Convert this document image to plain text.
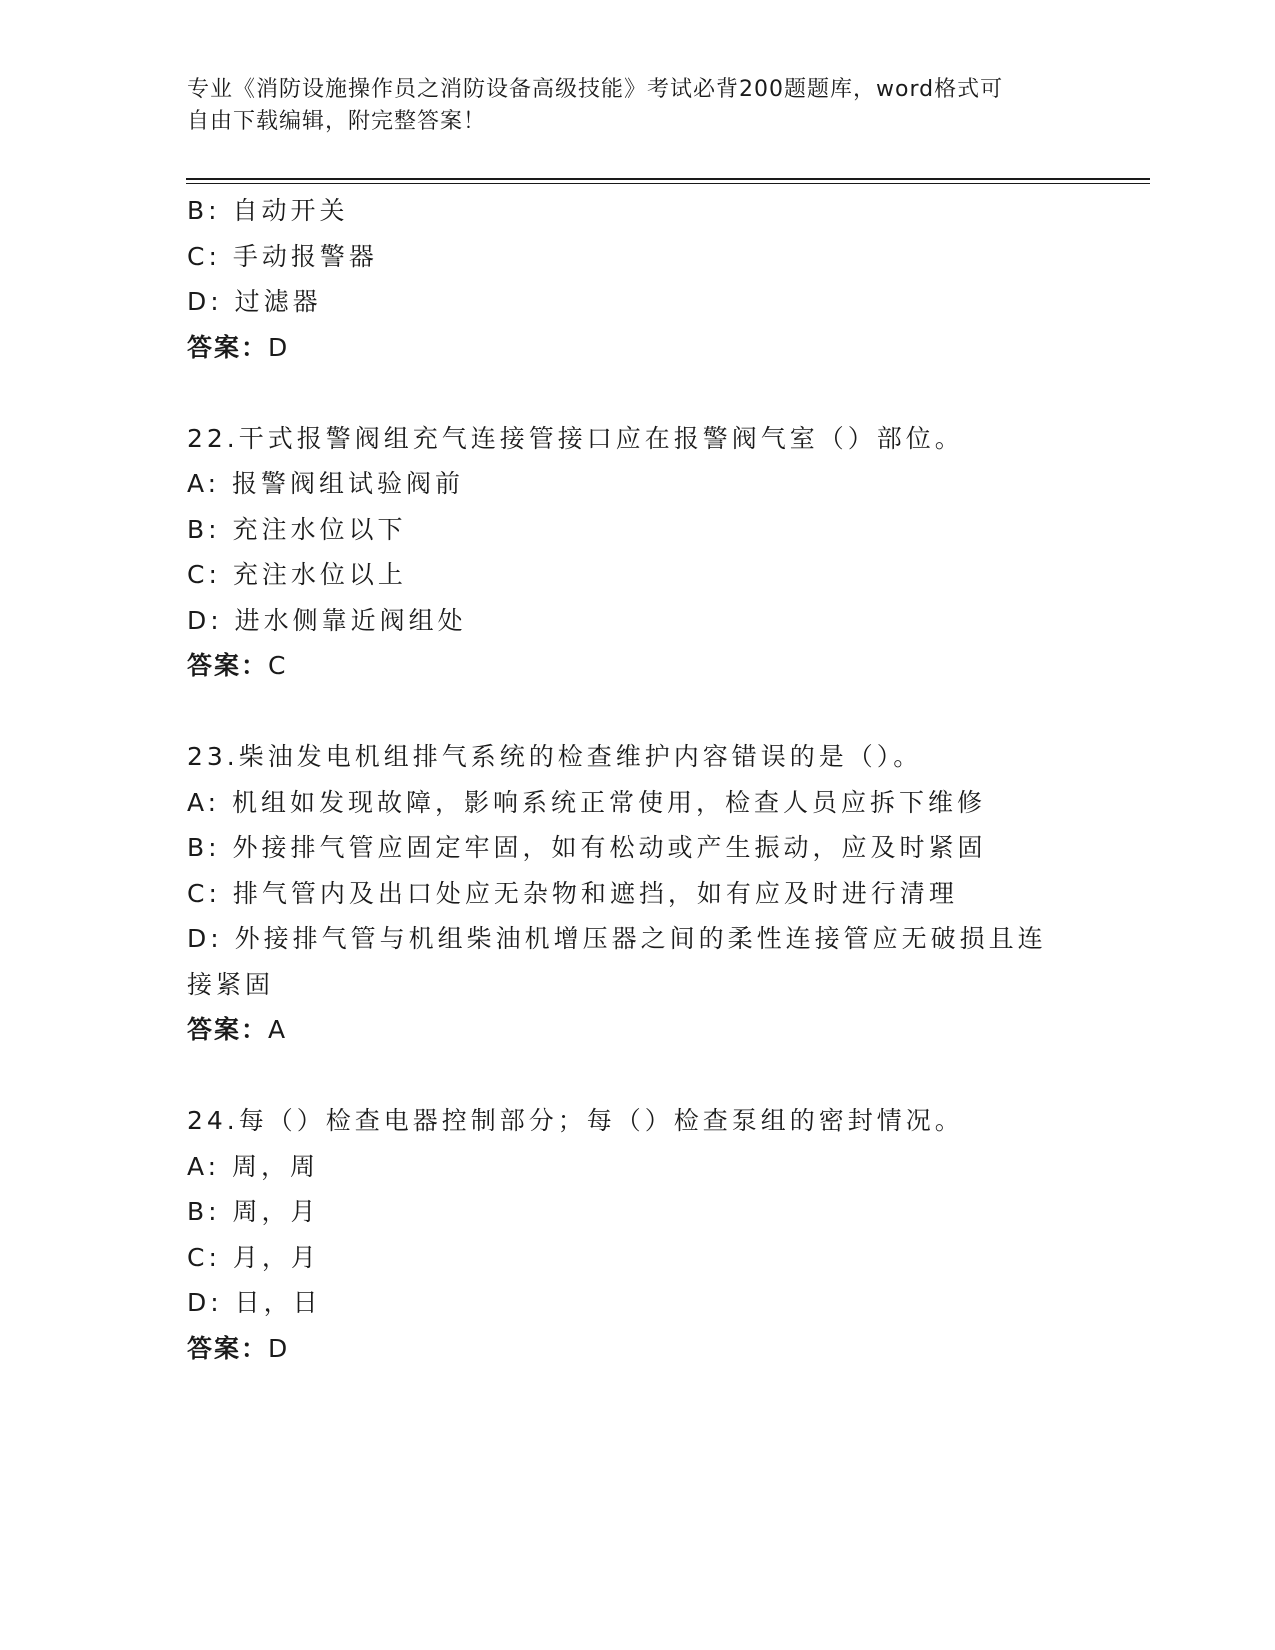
专业《消防设施操作员之消防设备高级技能》考试必背200题题库，word格式可
自由下载编辑，附完整答案！

B: 自动开关
C: 手动报警器
D: 过滤器
答案：D
22.干式报警阀组充气连接管接口应在报警阀气室（）部位。
A: 报警阀组试验阀前
B: 充注水位以下
C: 充注水位以上
D: 进水侧靠近阀组处
答案：C
23.柴油发电机组排气系统的检查维护内容错误的是（）。
A: 机组如发现故障，影响系统正常使用，检查人员应拆下维修
B: 外接排气管应固定牢固，如有松动或产生振动，应及时紧固
C: 排气管内及出口处应无杂物和遮挡，如有应及时进行清理
D: 外接排气管与机组柴油机增压器之间的柔性连接管应无破损且连接紧固
答案：A
24.每（）检查电器控制部分；每（）检查泵组的密封情况。
A: 周，周
B: 周，月
C: 月，月
D: 日，日
答案：D
